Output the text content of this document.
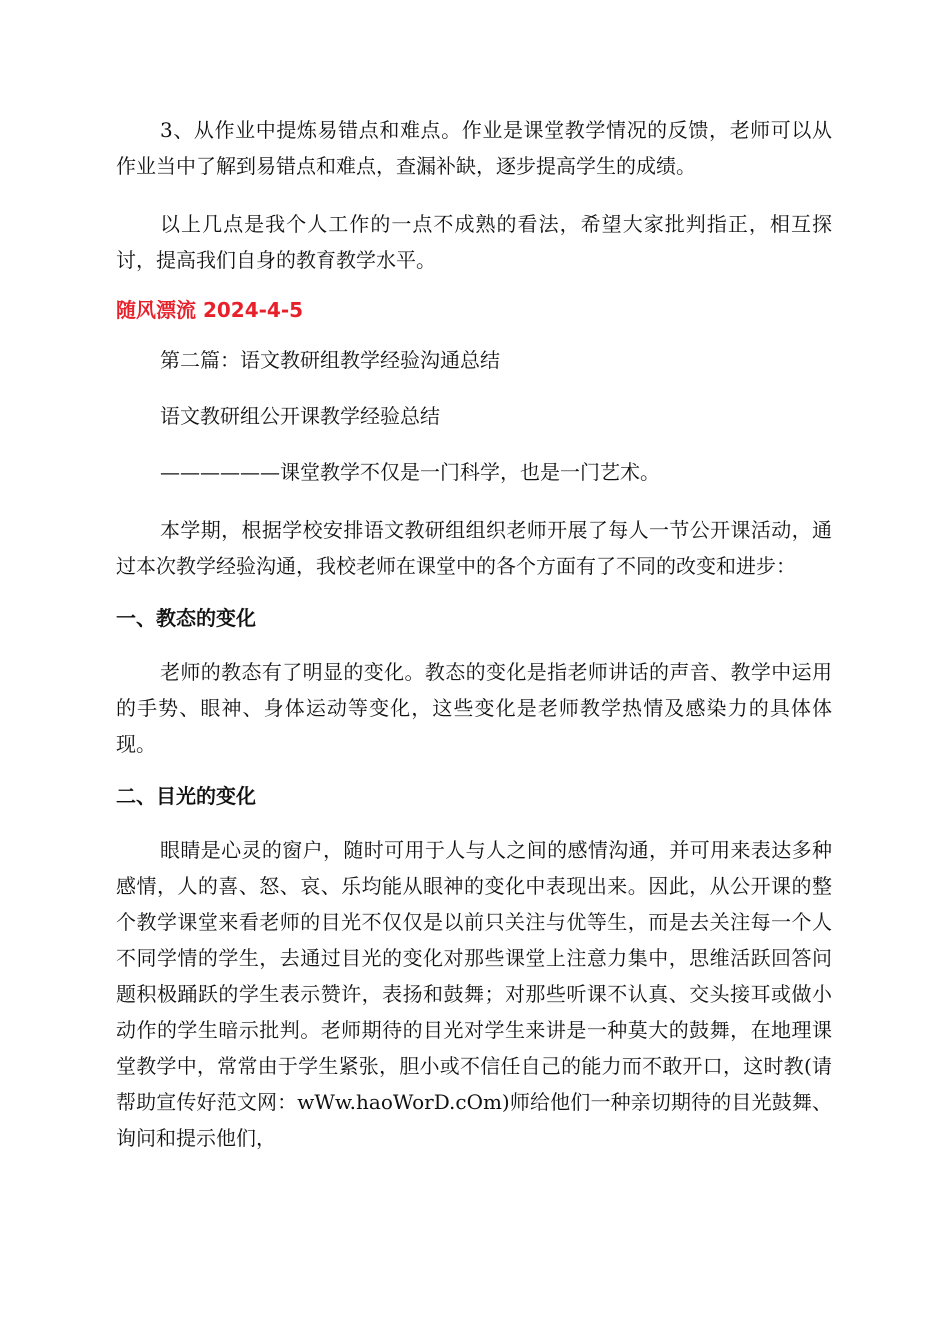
3、从作业中提炼易错点和难点。作业是课堂教学情况的反馈，老师可以从作业当中了解到易错点和难点，查漏补缺，逐步提高学生的成绩。

以上几点是我个人工作的一点不成熟的看法，希望大家批判指正，相互探讨，提高我们自身的教育教学水平。

随风漂流 2024-4-5

第二篇：语文教研组教学经验沟通总结

语文教研组公开课教学经验总结

——————课堂教学不仅是一门科学，也是一门艺术。

本学期，根据学校安排语文教研组组织老师开展了每人一节公开课活动，通过本次教学经验沟通，我校老师在课堂中的各个方面有了不同的改变和进步：

一、教态的变化

老师的教态有了明显的变化。教态的变化是指老师讲话的声音、教学中运用的手势、眼神、身体运动等变化，这些变化是老师教学热情及感染力的具体体现。

二、目光的变化

眼睛是心灵的窗户，随时可用于人与人之间的感情沟通，并可用来表达多种感情，人的喜、怒、哀、乐均能从眼神的变化中表现出来。因此，从公开课的整个教学课堂来看老师的目光不仅仅是以前只关注与优等生，而是去关注每一个人不同学情的学生，去通过目光的变化对那些课堂上注意力集中，思维活跃回答问题积极踊跃的学生表示赞许，表扬和鼓舞；对那些听课不认真、交头接耳或做小动作的学生暗示批判。老师期待的目光对学生来讲是一种莫大的鼓舞，在地理课堂教学中，常常由于学生紧张，胆小或不信任自己的能力而不敢开口，这时教(请帮助宣传好范文网：wWw.haoWorD.cOm)师给他们一种亲切期待的目光鼓舞、询问和提示他们，
